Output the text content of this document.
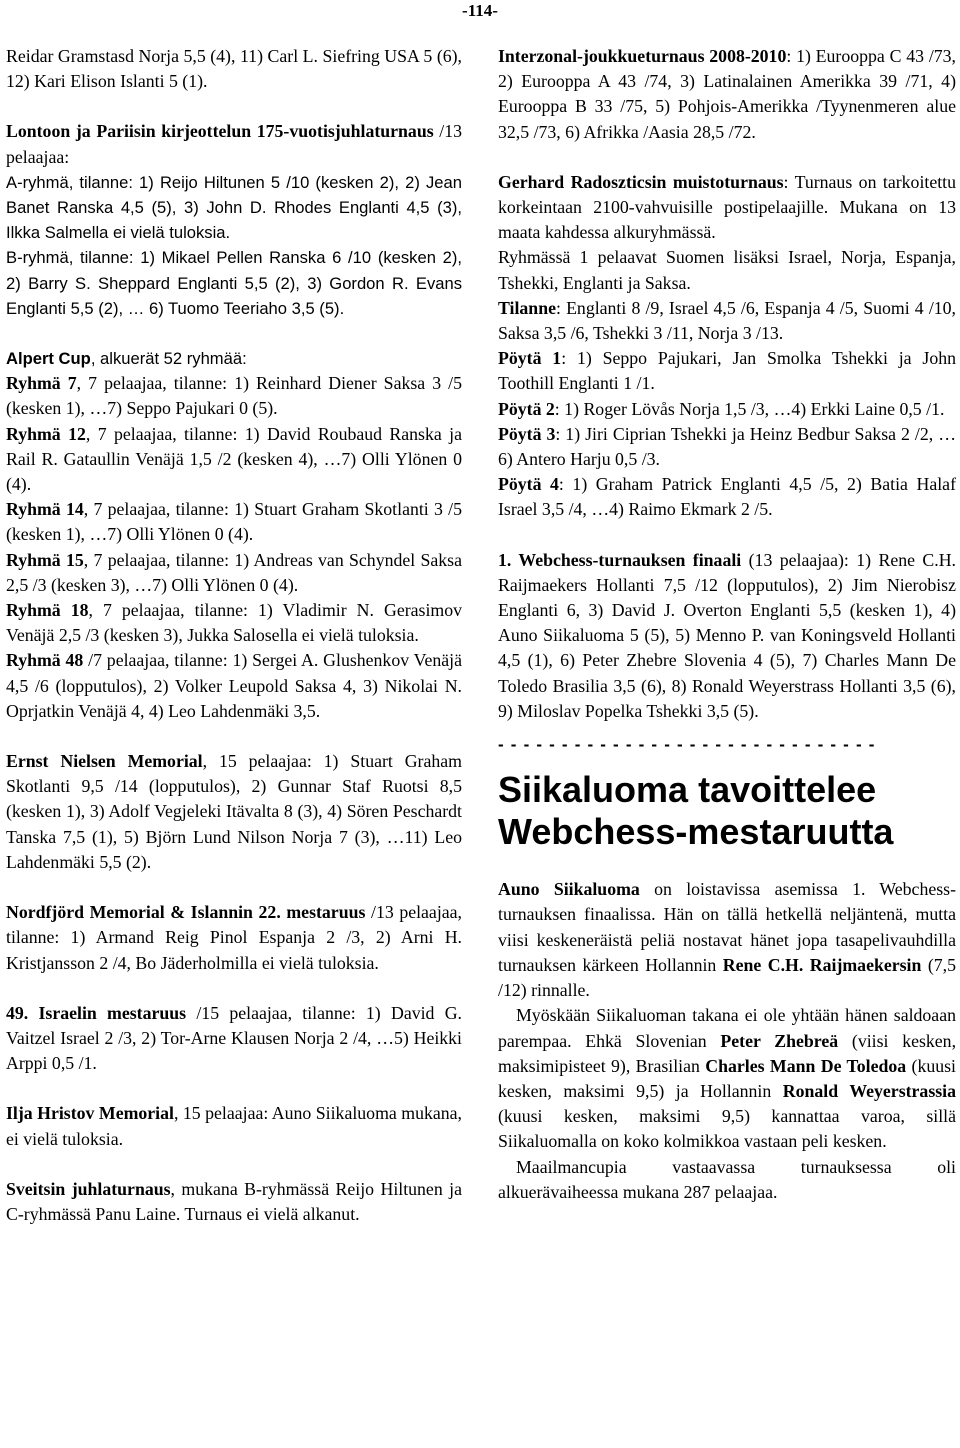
-114-

Reidar Gramstasd Norja 5,5 (4), 11) Carl L. Siefring USA 5 (6), 12) Kari Elison Islanti 5 (1).

Lontoon ja Pariisin kirjeottelun 175-vuotisjuhlaturnaus /13 pelaajaa:

A-ryhmä, tilanne: 1) Reijo Hiltunen 5 /10 (kesken 2), 2) Jean Banet Ranska 4,5 (5), 3) John D. Rhodes Englanti 4,5 (3), Ilkka Salmella ei vielä tuloksia.

B-ryhmä, tilanne: 1) Mikael Pellen Ranska 6 /10 (kesken 2), 2) Barry S. Sheppard Englanti 5,5 (2), 3) Gordon R. Evans Englanti 5,5 (2), … 6) Tuomo Teeriaho 3,5 (5).

Alpert Cup, alkuerät 52 ryhmää:

Ryhmä 7, 7 pelaajaa, tilanne: 1) Reinhard Diener Saksa 3 /5 (kesken 1), …7) Seppo Pajukari 0 (5).

Ryhmä 12, 7 pelaajaa, tilanne: 1) David Roubaud Ranska ja Rail R. Gataullin Venäjä 1,5 /2 (kesken 4), …7) Olli Ylönen 0 (4).

Ryhmä 14, 7 pelaajaa, tilanne: 1) Stuart Graham Skotlanti 3 /5 (kesken 1), …7) Olli Ylönen 0 (4).

Ryhmä 15, 7 pelaajaa, tilanne: 1) Andreas van Schyndel Saksa 2,5 /3 (kesken 3), …7) Olli Ylönen 0 (4).

Ryhmä 18, 7 pelaajaa, tilanne: 1) Vladimir N. Gerasimov Venäjä 2,5 /3 (kesken 3), Jukka Salosella ei vielä tuloksia.

Ryhmä 48 /7 pelaajaa, tilanne: 1) Sergei A. Glushenkov Venäjä 4,5 /6 (lopputulos), 2) Volker Leupold Saksa 4, 3) Nikolai N. Oprjatkin Venäjä 4, 4) Leo Lahdenmäki 3,5.

Ernst Nielsen Memorial, 15 pelaajaa: 1) Stuart Graham Skotlanti 9,5 /14 (lopputulos), 2) Gunnar Staf Ruotsi 8,5 (kesken 1), 3) Adolf Vegjeleki Itävalta 8 (3), 4) Sören Peschardt Tanska 7,5 (1), 5) Björn Lund Nilson Norja 7 (3), …11) Leo Lahdenmäki 5,5 (2).

Nordfjörd Memorial & Islannin 22. mestaruus /13 pelaajaa, tilanne: 1) Armand Reig Pinol Espanja 2 /3, 2) Arni H. Kristjansson 2 /4, Bo Jäderholmilla ei vielä tuloksia.

49. Israelin mestaruus /15 pelaajaa, tilanne: 1) David G. Vaitzel Israel 2 /3, 2) Tor-Arne Klausen Norja 2 /4, …5) Heikki Arppi 0,5 /1.

Ilja Hristov Memorial, 15 pelaajaa: Auno Siikaluoma mukana, ei vielä tuloksia.

Sveitsin juhlaturnaus, mukana B-ryhmässä Reijo Hiltunen ja C-ryhmässä Panu Laine. Turnaus ei vielä alkanut.

Interzonal-joukkueturnaus 2008-2010: 1) Eurooppa C 43 /73, 2) Eurooppa A 43 /74, 3) Latinalainen Amerikka 39 /71, 4) Eurooppa B 33 /75, 5) Pohjois-Amerikka /Tyynenmeren alue 32,5 /73, 6) Afrikka /Aasia 28,5 /72.

Gerhard Radoszticsin muistoturnaus: Turnaus on tarkoitettu korkeintaan 2100-vahvuisille postipelaajille. Mukana on 13 maata kahdessa alkuryhmässä.

Ryhmässä 1 pelaavat Suomen lisäksi Israel, Norja, Espanja, Tshekki, Englanti ja Saksa.

Tilanne: Englanti 8 /9, Israel 4,5 /6, Espanja 4 /5, Suomi 4 /10, Saksa 3,5 /6, Tshekki 3 /11, Norja 3 /13.

Pöytä 1: 1) Seppo Pajukari, Jan Smolka Tshekki ja John Toothill Englanti 1 /1.

Pöytä 2: 1) Roger Lövås Norja 1,5 /3, …4) Erkki Laine 0,5 /1.

Pöytä 3: 1) Jiri Ciprian Tshekki ja Heinz Bedbur Saksa 2 /2, …6) Antero Harju 0,5 /3.

Pöytä 4: 1) Graham Patrick Englanti 4,5 /5, 2) Batia Halaf Israel 3,5 /4, …4) Raimo Ekmark 2 /5.

1. Webchess-turnauksen finaali (13 pelaajaa): 1) Rene C.H. Raijmaekers Hollanti 7,5 /12 (lopputulos), 2) Jim Nierobisz Englanti 6, 3) David J. Overton Englanti 5,5 (kesken 1), 4) Auno Siikaluoma 5 (5), 5) Menno P. van Koningsveld Hollanti 4,5 (1), 6) Peter Zhebre Slovenia 4 (5), 7) Charles Mann De Toledo Brasilia 3,5 (6), 8) Ronald Weyerstrass Hollanti 3,5 (6), 9) Miloslav Popelka Tshekki 3,5 (5).

- - - - - - - - - - - - - - - - - - - - - - - - - - - - - -
Siikaluoma tavoittelee Webchess-mestaruutta

Auno Siikaluoma on loistavissa asemissa 1. Webchess-turnauksen finaalissa. Hän on tällä hetkellä neljäntenä, mutta viisi keskeneräistä peliä nostavat hänet jopa tasapelivauhdilla turnauksen kärkeen Hollannin Rene C.H. Raijmaekersin (7,5 /12) rinnalle.

Myöskään Siikaluoman takana ei ole yhtään hänen saldoaan parempaa. Ehkä Slovenian Peter Zhebreä (viisi kesken, maksimipisteet 9), Brasilian Charles Mann De Toledoa (kuusi kesken, maksimi 9,5) ja Hollannin Ronald Weyerstrassia (kuusi kesken, maksimi 9,5) kannattaa varoa, sillä Siikaluomalla on koko kolmikkoa vastaan peli kesken.

Maailmancupia vastaavassa turnauksessa oli alkuerävaiheessa mukana 287 pelaajaa.
